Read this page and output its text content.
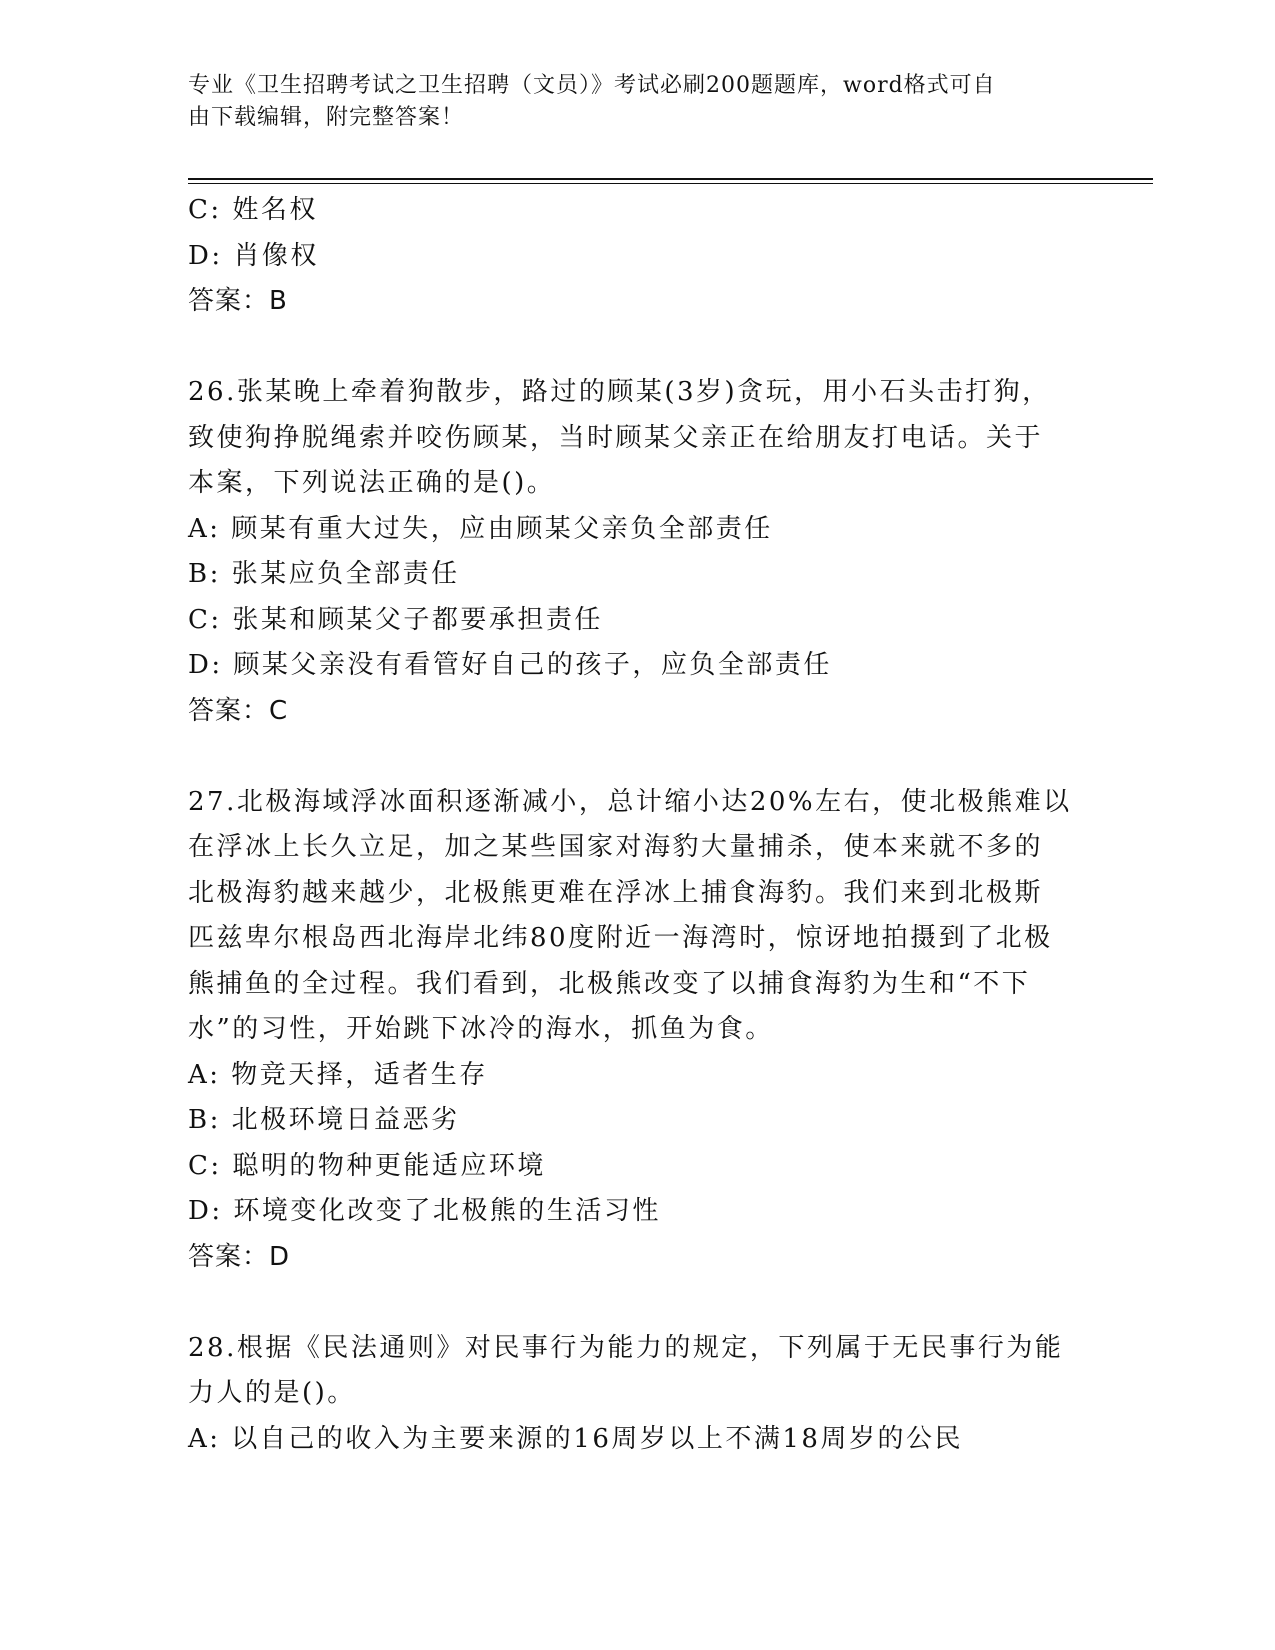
专业《卫生招聘考试之卫生招聘（文员）》考试必刷200题题库，word格式可自
由下载编辑，附完整答案！
C: 姓名权
D: 肖像权
答案：B
26.张某晚上牵着狗散步，路过的顾某(3岁)贪玩，用小石头击打狗，
致使狗挣脱绳索并咬伤顾某，当时顾某父亲正在给朋友打电话。关于
本案，下列说法正确的是()。
A: 顾某有重大过失，应由顾某父亲负全部责任
B: 张某应负全部责任
C: 张某和顾某父子都要承担责任
D: 顾某父亲没有看管好自己的孩子，应负全部责任
答案：C
27.北极海域浮冰面积逐渐减小，总计缩小达20%左右，使北极熊难以
在浮冰上长久立足，加之某些国家对海豹大量捕杀，使本来就不多的
北极海豹越来越少，北极熊更难在浮冰上捕食海豹。我们来到北极斯
匹兹卑尔根岛西北海岸北纬80度附近一海湾时，惊讶地拍摄到了北极
熊捕鱼的全过程。我们看到，北极熊改变了以捕食海豹为生和“不下
水”的习性，开始跳下冰冷的海水，抓鱼为食。
A: 物竞天择，适者生存
B: 北极环境日益恶劣
C: 聪明的物种更能适应环境
D: 环境变化改变了北极熊的生活习性
答案：D
28.根据《民法通则》对民事行为能力的规定，下列属于无民事行为能
力人的是()。
A: 以自己的收入为主要来源的16周岁以上不满18周岁的公民
